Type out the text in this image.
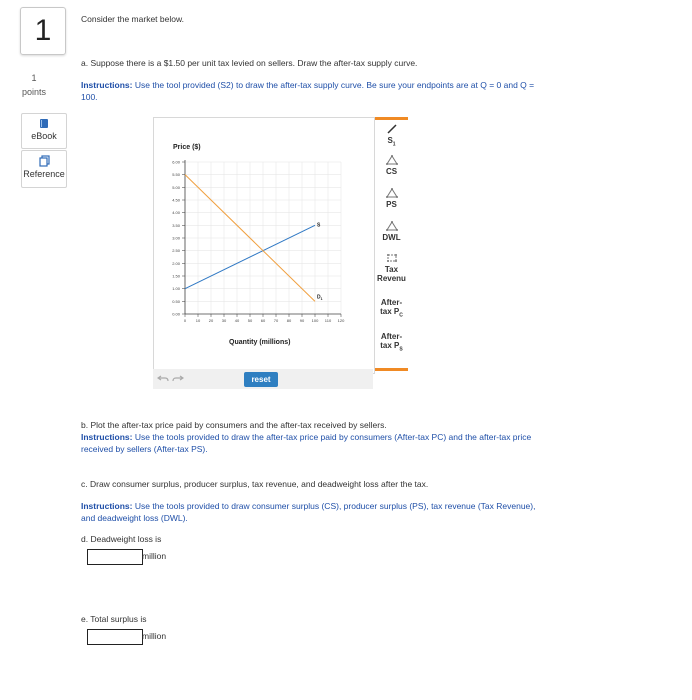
1
1
points
eBook
Reference
Consider the market below.
a. Suppose there is a $1.50 per unit tax levied on sellers. Draw the after-tax supply curve.
Instructions: Use the tool provided (S2) to draw the after-tax supply curve. Be sure your endpoints are at Q = 0 and Q =
100.
Price ($)
Quantity (millions)
0.00
0.50
1.00
1.50
2.00
2.50
3.00
3.50
4.00
4.50
5.00
5.50
6.00
0 10 20 30 40 50 60 70 80 90 100 110 120
S
$D_1$

$S_1$

CS

PS

DWL

Tax
Revenu
After-
tax $P_C$
After-
tax $P_S$
reset
b. Plot the after-tax price paid by consumers and the after-tax received by sellers.
Instructions: Use the tools provided to draw the after-tax price paid by consumers (After-tax PC) and the after-tax price
received by sellers (After-tax PS).
c. Draw consumer surplus, producer surplus, tax revenue, and deadweight loss after the tax.
Instructions: Use the tools provided to draw consumer surplus (CS), producer surplus (PS), tax revenue (Tax Revenue),
and deadweight loss (DWL).
d. Deadweight loss is
million
e. Total surplus is
million
